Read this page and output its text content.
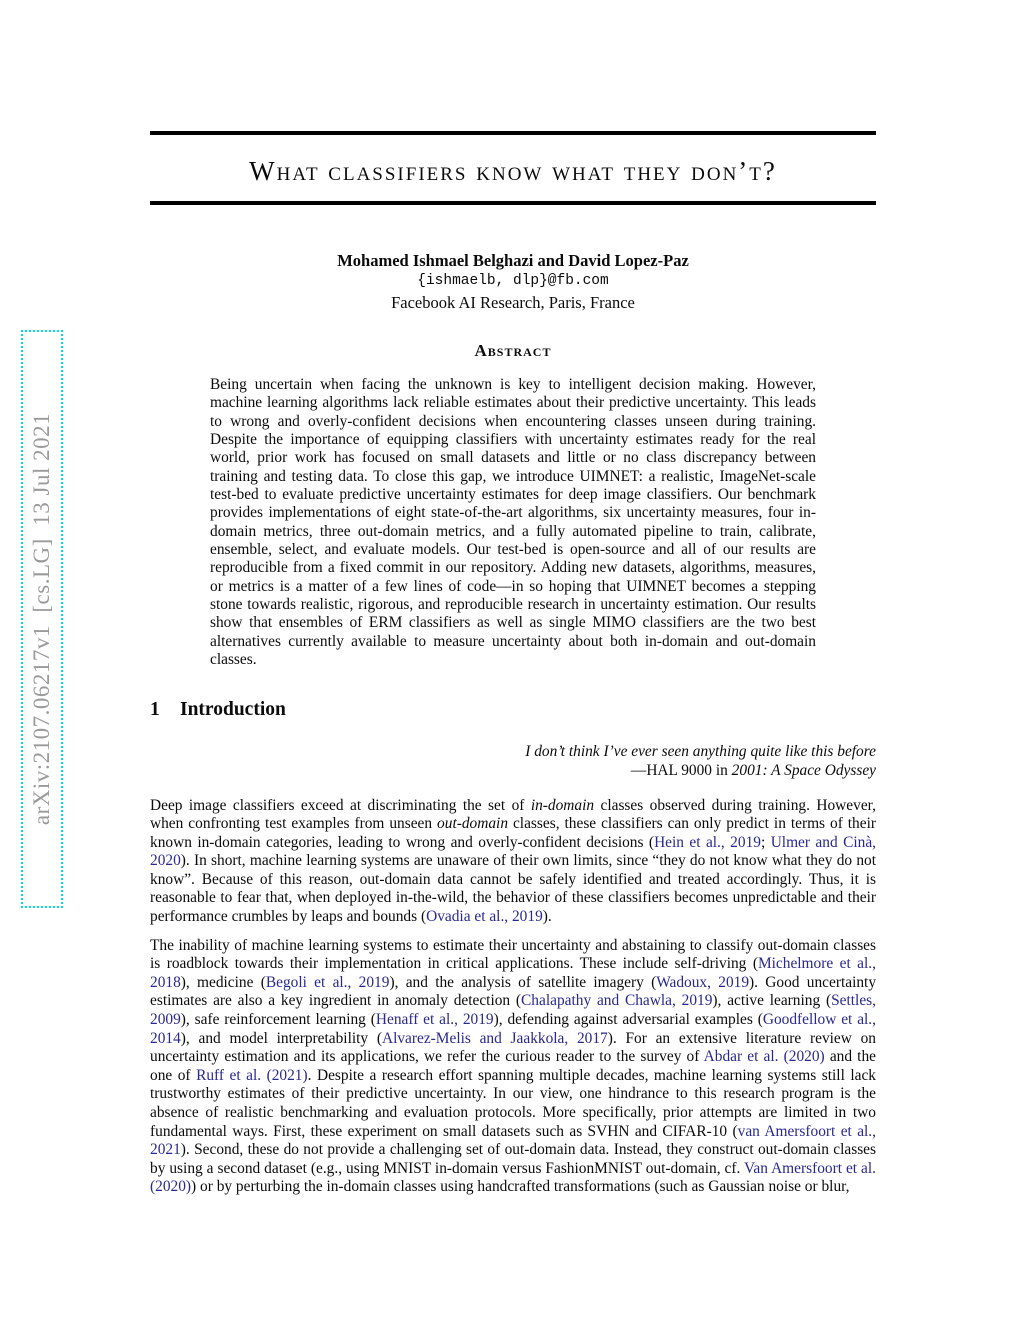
arXiv:2107.06217v1  [cs.LG]  13 Jul 2021
What classifiers know what they don’t?
Mohamed Ishmael Belghazi and David Lopez-Paz
{ishmaelb, dlp}@fb.com
Facebook AI Research, Paris, France
Abstract

Being uncertain when facing the unknown is key to intelligent decision making. However, machine learning algorithms lack reliable estimates about their predictive uncertainty. This leads to wrong and overly-confident decisions when encountering classes unseen during training. Despite the importance of equipping classifiers with uncertainty estimates ready for the real world, prior work has focused on small datasets and little or no class discrepancy between training and testing data. To close this gap, we introduce UIMNET: a realistic, ImageNet-scale test-bed to evaluate predictive uncertainty estimates for deep image classifiers. Our benchmark provides implementations of eight state-of-the-art algorithms, six uncertainty measures, four in-domain metrics, three out-domain metrics, and a fully automated pipeline to train, calibrate, ensemble, select, and evaluate models. Our test-bed is open-source and all of our results are reproducible from a fixed commit in our repository. Adding new datasets, algorithms, measures, or metrics is a matter of a few lines of code—in so hoping that UIMNET becomes a stepping stone towards realistic, rigorous, and reproducible research in uncertainty estimation. Our results show that ensembles of ERM classifiers as well as single MIMO classifiers are the two best alternatives currently available to measure uncertainty about both in-domain and out-domain classes.

1	Introduction
I don’t think I’ve ever seen anything quite like this before
—HAL 9000 in 2001: A Space Odyssey

Deep image classifiers exceed at discriminating the set of in-domain classes observed during training. However, when confronting test examples from unseen out-domain classes, these classifiers can only predict in terms of their known in-domain categories, leading to wrong and overly-confident decisions (Hein et al., 2019; Ulmer and Cinà, 2020). In short, machine learning systems are unaware of their own limits, since “they do not know what they do not know”. Because of this reason, out-domain data cannot be safely identified and treated accordingly. Thus, it is reasonable to fear that, when deployed in-the-wild, the behavior of these classifiers becomes unpredictable and their performance crumbles by leaps and bounds (Ovadia et al., 2019).

The inability of machine learning systems to estimate their uncertainty and abstaining to classify out-domain classes is roadblock towards their implementation in critical applications. These include self-driving (Michelmore et al., 2018), medicine (Begoli et al., 2019), and the analysis of satellite imagery (Wadoux, 2019). Good uncertainty estimates are also a key ingredient in anomaly detection (Chalapathy and Chawla, 2019), active learning (Settles, 2009), safe reinforcement learning (Henaff et al., 2019), defending against adversarial examples (Goodfellow et al., 2014), and model interpretability (Alvarez-Melis and Jaakkola, 2017). For an extensive literature review on uncertainty estimation and its applications, we refer the curious reader to the survey of Abdar et al. (2020) and the one of Ruff et al. (2021). Despite a research effort spanning multiple decades, machine learning systems still lack trustworthy estimates of their predictive uncertainty. In our view, one hindrance to this research program is the absence of realistic benchmarking and evaluation protocols. More specifically, prior attempts are limited in two fundamental ways. First, these experiment on small datasets such as SVHN and CIFAR-10 (van Amersfoort et al., 2021). Second, these do not provide a challenging set of out-domain data. Instead, they construct out-domain classes by using a second dataset (e.g., using MNIST in-domain versus FashionMNIST out-domain, cf. Van Amersfoort et al. (2020)) or by perturbing the in-domain classes using handcrafted transformations (such as Gaussian noise or blur,
